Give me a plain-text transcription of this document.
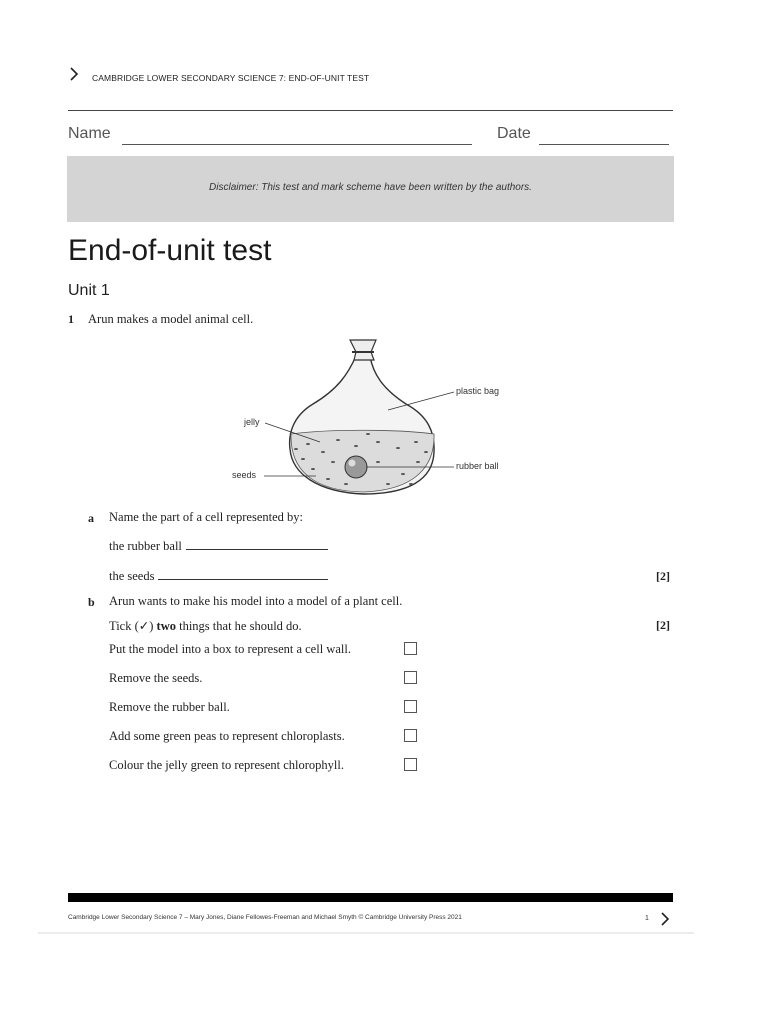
CAMBRIDGE LOWER SECONDARY SCIENCE 7: END-OF-UNIT TEST
Name	Date
Disclaimer: This test and mark scheme have been written by the authors.
End-of-unit test
Unit 1
1 Arun makes a model animal cell.
plastic bag
jelly
rubber ball
seeds
a Name the part of a cell represented by:
the rubber ball
the seeds	[2]
b Arun wants to make his model into a model of a plant cell.
Tick (✓) two things that he should do.	[2]
Put the model into a box to represent a cell wall.
Remove the seeds.
Remove the rubber ball.
Add some green peas to represent chloroplasts.
Colour the jelly green to represent chlorophyll.
Cambridge Lower Secondary Science 7 – Mary Jones, Diane Fellowes-Freeman and Michael Smyth © Cambridge University Press 2021	1
